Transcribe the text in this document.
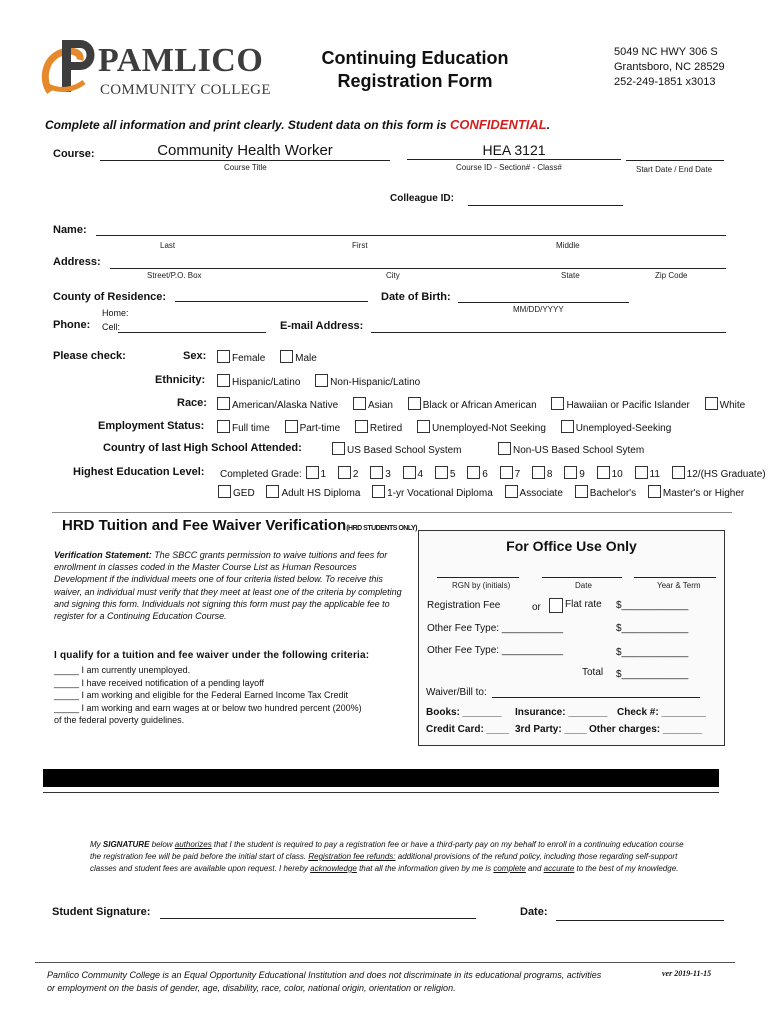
PAMLICO
COMMUNITY COLLEGE
Continuing Education
Registration Form
5049 NC HWY 306 S
Grantsboro, NC 28529
252-249-1851 x3013
Complete all information and print clearly. Student data on this form is CONFIDENTIAL.
Course:	Community Health Worker
Course Title
HEA 3121
Course ID - Section# - Class#	Start Date / End Date
Colleague ID:
Name:
Last	First	Middle
Address:
Street/P.O. Box	City	State	Zip Code
County of Residence:	Date of Birth:
MM/DD/YYYY
Home:
Phone: Cell:	E-mail Address:
Please check:	Sex:	Female	Male
Ethnicity:	Hispanic/Latino	Non-Hispanic/Latino
Race:	American/Alaska Native	Asian	Black or African American	Hawaiian or Pacific Islander	White
Employment Status:	Full time	Part-time	Retired	Unemployed-Not Seeking	Unemployed-Seeking
Country of last High School Attended:	US Based School System	Non-US Based School Sytem
Highest Education Level: Completed Grade: 1	2	3	4	5	6	7	8	9	10	11	12/(HS Graduate)
GED	Adult HS Diploma	1-yr Vocational Diploma	Associate	Bachelor's	Master's or Higher
HRD Tuition and Fee Waiver Verification(HRD STUDENTS ONLY)
Verification Statement: The SBCC grants permission to waive tuitions and fees for enrollment in classes coded in the Master Course List as Human Resources Development if the individual meets one of four criteria listed below. To receive this waiver, an individual must verify that they meet at least one of the criteria by completing and signing this form. Individuals not signing this form must pay the applicable fee to register for a Continuing Education Course.
I qualify for a tuition and fee waiver under the following criteria:
_____ I am currently unemployed.
_____ I have received notification of a pending layoff
_____ I am working and eligible for the Federal Earned Income Tax Credit
_____ I am working and earn wages at or below two hundred percent (200%)
of the federal poverty guidelines.
For Office Use Only
RGN by (initials)	Date	Year & Term
Registration Fee	or Flat rate $____________
Other Fee Type: ___________	$____________
Other Fee Type: ___________	$____________
Total $____________
Waiver/Bill to:
Books: _______ Insurance: _______ Check #: ________
Credit Card: ____ 3rd Party: ____ Other charges: _______
My SIGNATURE below authorizes that I the student is required to pay a registration fee or have a third-party pay on my behalf to enroll in a continuing education course the registration fee will be paid before the initial start of class. Registration fee refunds: additional provisions of the refund policy, including those regarding self-support classes and student fees are available upon request. I hereby acknowledge that all the information given by me is complete and accurate to the best of my knowledge.
Student Signature:	Date:
Pamlico Community College is an Equal Opportunity Educational Institution and does not discriminate in its educational programs, activities or employment on the basis of gender, age, disability, race, color, national origin, orientation or religion.
ver 2019-11-15
